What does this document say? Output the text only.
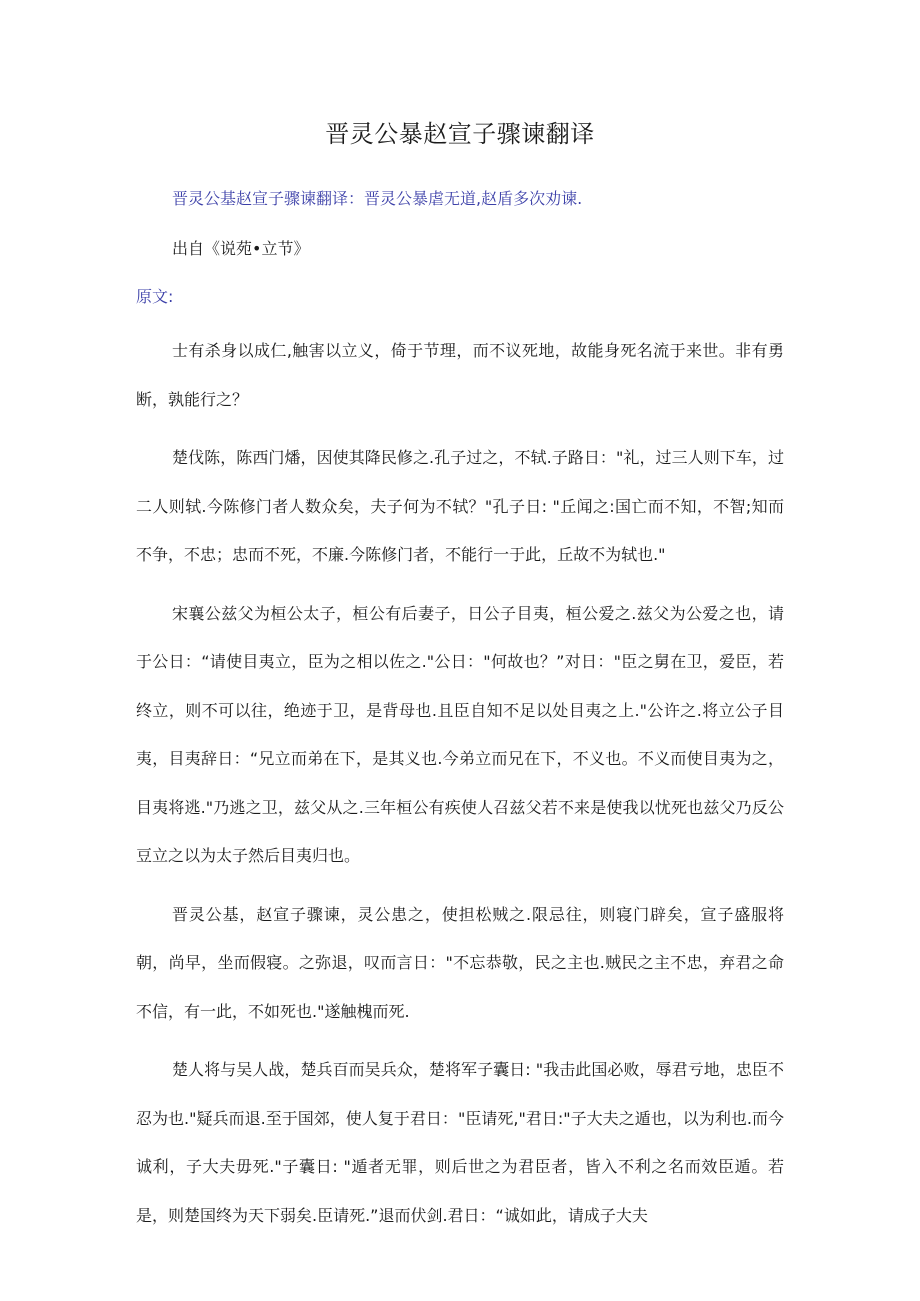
晋灵公暴赵宣子骤谏翻译
晋灵公基赵宣子骤谏翻译：晋灵公暴虐无道,赵盾多次劝谏.
出自《说苑•立节》
原文:

士有杀身以成仁,触害以立义，倚于节理，而不议死地，故能身死名流于来世。非有勇断，孰能行之？

楚伐陈，陈西门燔，因使其降民修之.孔子过之，不轼.子路日："礼，过三人则下车，过二人则轼.今陈修门者人数众矣，夫子何为不轼？"孔子日: "丘闻之:国亡而不知，不智;知而不争，不忠；忠而不死，不廉.今陈修门者，不能行一于此，丘故不为轼也."

宋襄公兹父为桓公太子，桓公有后妻子，日公子目夷，桓公爱之.兹父为公爱之也，请于公日：“请使目夷立，臣为之相以佐之."公日："何故也？”对日："臣之舅在卫，爱臣，若终立，则不可以往，绝迹于卫，是背母也.且臣自知不足以处目夷之上."公许之.将立公子目夷，目夷辞日：“兄立而弟在下，是其义也.今弟立而兄在下，不义也。不义而使目夷为之，目夷将逃."乃逃之卫，兹父从之.三年桓公有疾使人召兹父若不来是使我以忧死也兹父乃反公豆立之以为太子然后目夷归也。

晋灵公基，赵宣子骤谏，灵公患之，使担松贼之.限忌往，则寝门辟矣，宣子盛服将朝，尚早，坐而假寝。之弥退，叹而言日："不忘恭敬，民之主也.贼民之主不忠，弃君之命不信，有一此，不如死也."遂触槐而死.

楚人将与吴人战，楚兵百而吴兵众，楚将军子囊日: "我击此国必败，辱君亏地，忠臣不忍为也."疑兵而退.至于国郊，使人复于君日："臣请死,"君日:"子大夫之遁也，以为利也.而今诚利，子大夫毋死."子囊日: "遁者无罪，则后世之为君臣者，皆入不利之名而效臣遁。若是，则楚国终为天下弱矣.臣请死.”退而伏剑.君日：“诚如此，请成子大夫
